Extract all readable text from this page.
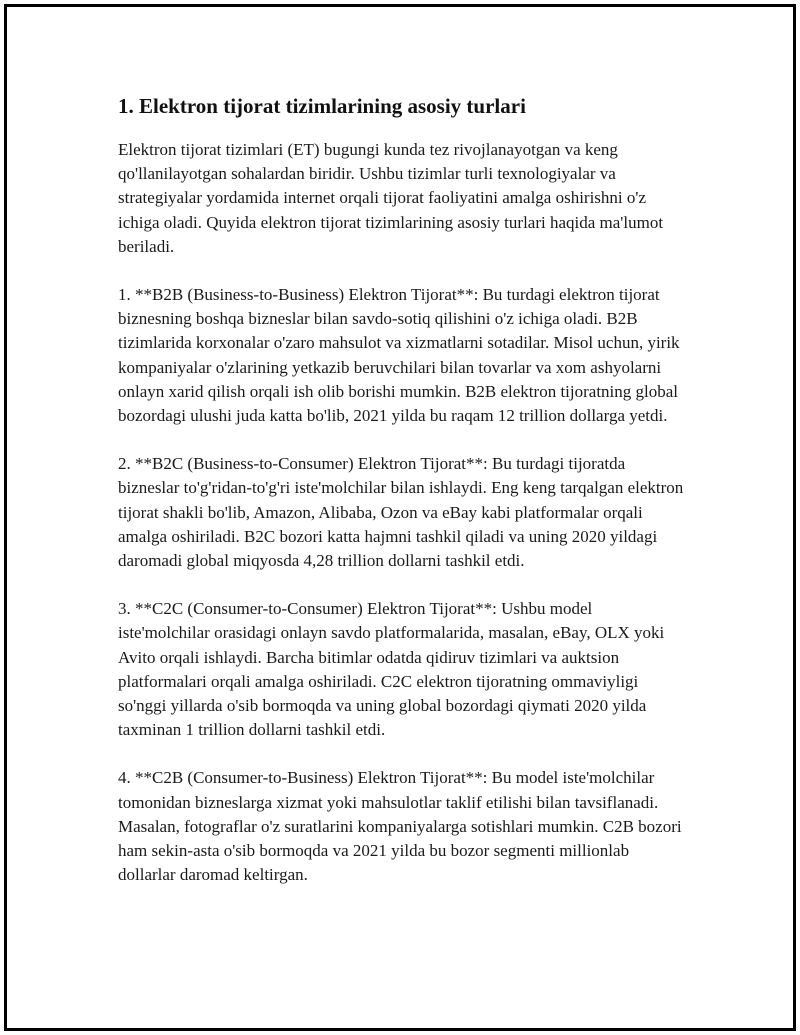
1. Elektron tijorat tizimlarining asosiy turlari

Elektron tijorat tizimlari (ET) bugungi kunda tez rivojlanayotgan va keng qo'llanilayotgan sohalardan biridir. Ushbu tizimlar turli texnologiyalar va strategiyalar yordamida internet orqali tijorat faoliyatini amalga oshirishni o'z ichiga oladi. Quyida elektron tijorat tizimlarining asosiy turlari haqida ma'lumot beriladi.

1. **B2B (Business-to-Business) Elektron Tijorat**: Bu turdagi elektron tijorat biznesning boshqa bizneslar bilan savdo-sotiq qilishini o'z ichiga oladi. B2B tizimlarida korxonalar o'zaro mahsulot va xizmatlarni sotadilar. Misol uchun, yirik kompaniyalar o'zlarining yetkazib beruvchilari bilan tovarlar va xom ashyolarni onlayn xarid qilish orqali ish olib borishi mumkin. B2B elektron tijoratning global bozordagi ulushi juda katta bo'lib, 2021 yilda bu raqam 12 trillion dollarga yetdi.

2. **B2C (Business-to-Consumer) Elektron Tijorat**: Bu turdagi tijoratda bizneslar to'g'ridan-to'g'ri iste'molchilar bilan ishlaydi. Eng keng tarqalgan elektron tijorat shakli bo'lib, Amazon, Alibaba, Ozon va eBay kabi platformalar orqali amalga oshiriladi. B2C bozori katta hajmni tashkil qiladi va uning 2020 yildagi daromadi global miqyosda 4,28 trillion dollarni tashkil etdi.

3. **C2C (Consumer-to-Consumer) Elektron Tijorat**: Ushbu model iste'molchilar orasidagi onlayn savdo platformalarida, masalan, eBay, OLX yoki Avito orqali ishlaydi. Barcha bitimlar odatda qidiruv tizimlari va auktsion platformalari orqali amalga oshiriladi. C2C elektron tijoratning ommaviyligi so'nggi yillarda o'sib bormoqda va uning global bozordagi qiymati 2020 yilda taxminan 1 trillion dollarni tashkil etdi.

4. **C2B (Consumer-to-Business) Elektron Tijorat**: Bu model iste'molchilar tomonidan bizneslarga xizmat yoki mahsulotlar taklif etilishi bilan tavsiflanadi. Masalan, fotograflar o'z suratlarini kompaniyalarga sotishlari mumkin. C2B bozori ham sekin-asta o'sib bormoqda va 2021 yilda bu bozor segmenti millionlab dollarlar daromad keltirgan.
